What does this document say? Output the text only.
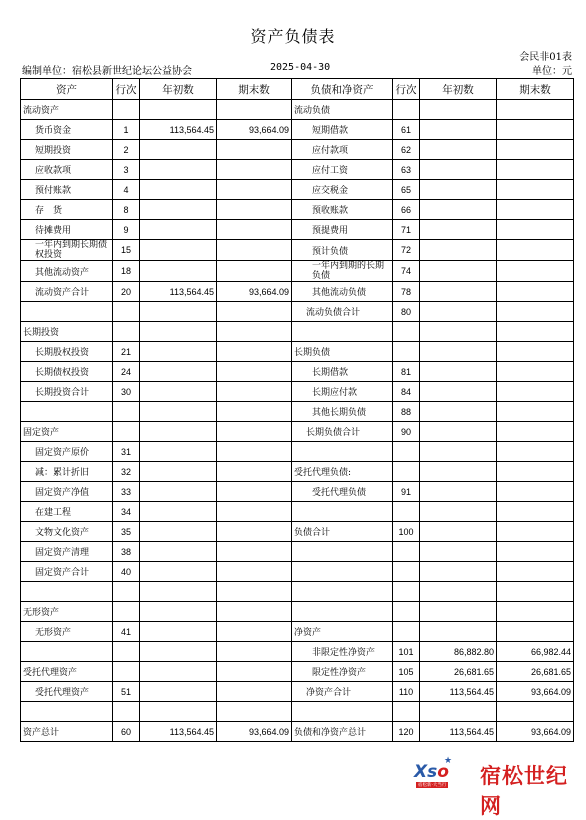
资产负债表
会民非01表
编制单位：宿松县新世纪论坛公益协会	2025-04-30	单位：元
资产	行次	年初数	期末数	负债和净资产	行次	年初数	期末数
流动资产				流动负债			
货币资金	1	113,564.45	93,664.09	短期借款	61		
短期投资	2			应付款项	62		
应收款项	3			应付工资	63		
预付账款	4			应交税金	65		
存　货	8			预收账款	66		
待摊费用	9			预提费用	71		
一年内到期长期债权投资	15			预计负债	72		
其他流动资产	18			一年内到期的长期负债	74		
流动资产合计	20	113,564.45	93,664.09	其他流动负债	78		
				流动负债合计	80		
长期投资							
长期股权投资	21			长期负债			
长期债权投资	24			长期借款	81		
长期投资合计	30			长期应付款	84		
				其他长期负债	88		
固定资产				长期负债合计	90		
固定资产原价	31						
减：累计折旧	32			受托代理负债:			
固定资产净值	33			受托代理负债	91		
在建工程	34						
文物文化资产	35			负债合计	100		
固定资产清理	38						
固定资产合计	40						

无形资产							
无形资产	41			净资产			
				非限定性净资产	101	86,882.80	66,982.44
受托代理资产				限定性净资产	105	26,681.65	26,681.65
受托代理资产	51			净资产合计	110	113,564.45	93,664.09

资产总计	60	113,564.45	93,664.09	负债和净资产总计	120	113,564.45	93,664.09
★
Xso
宿松新·大当行 宿松世纪网
